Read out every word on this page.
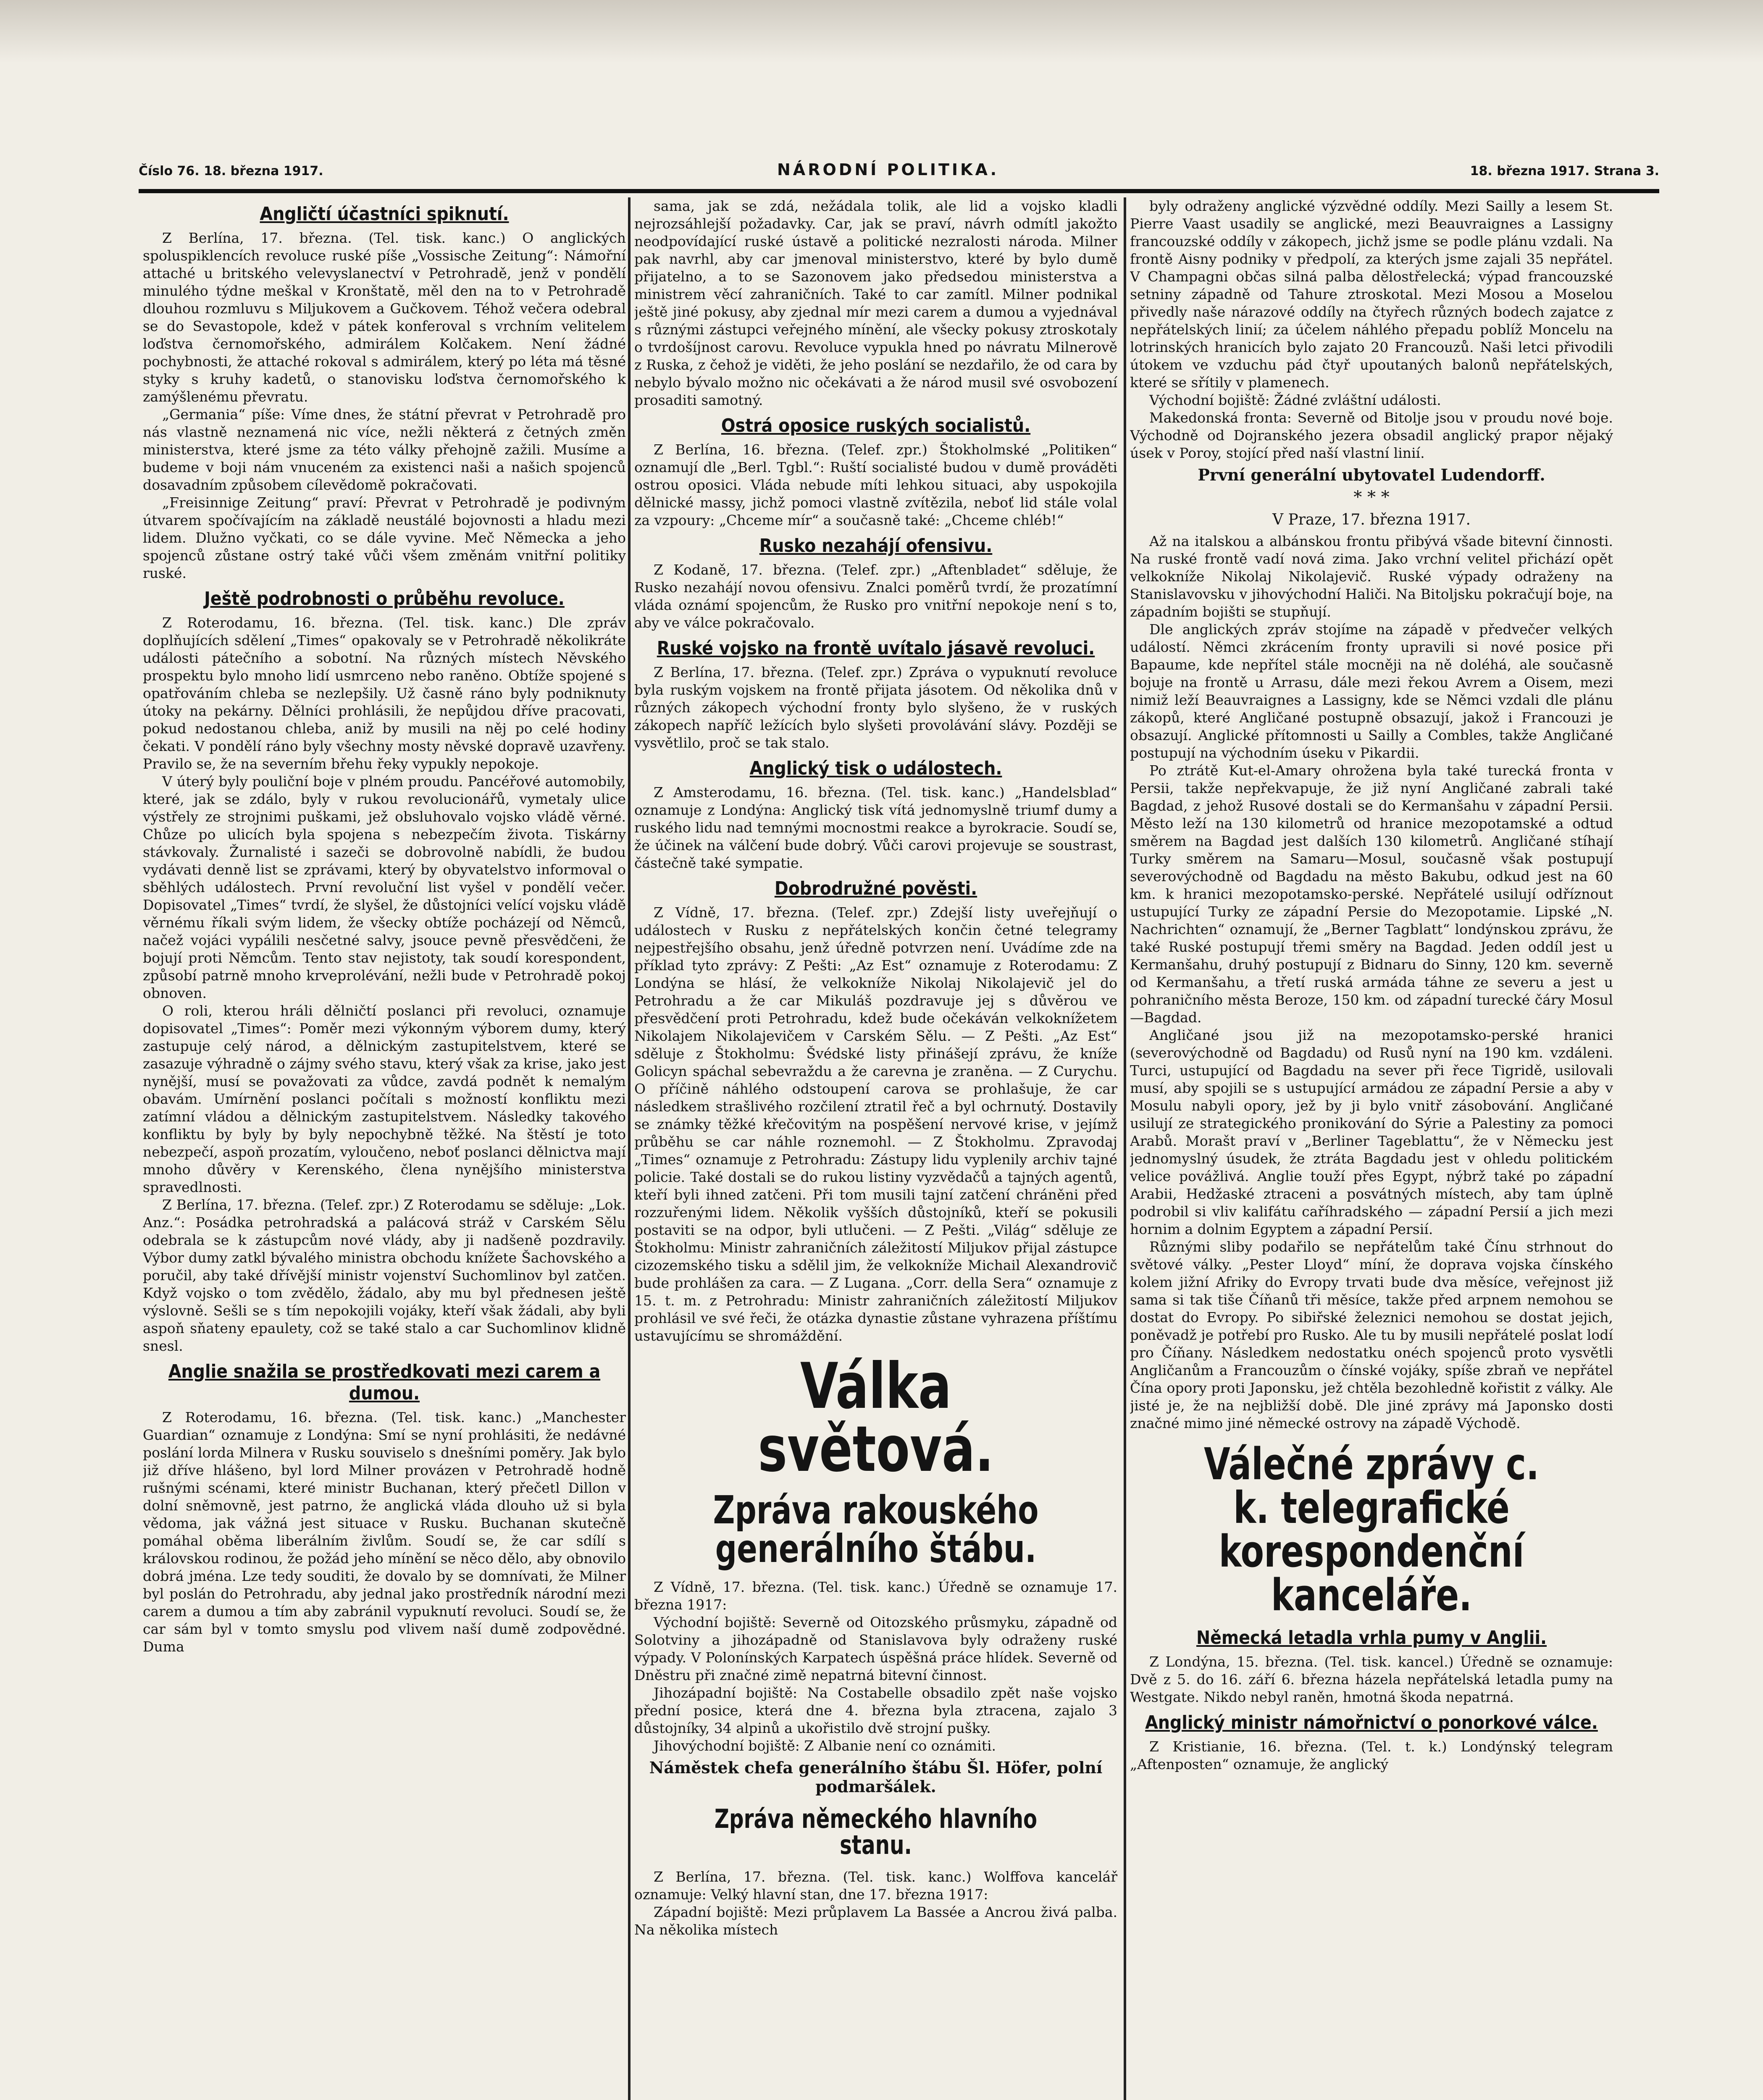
Číslo 76. 18. března 1917.	NÁRODNÍ POLITIKA.	18. března 1917. Strana 3.
Angličtí účastníci spiknutí.

Z Berlína, 17. března. (Tel. tisk. kanc.) O anglických spoluspiklencích revoluce ruské píše „Vossische Zeitung“: Námořní attaché u britského velevyslanectví v Petrohradě, jenž v pondělí minulého týdne meškal v Kronštatě, měl den na to v Petrohradě dlouhou rozmluvu s Miljukovem a Gučkovem. Téhož večera odebral se do Sevastopole, kdež v pátek konferoval s vrchním velitelem loďstva černomořského, admirálem Kolčakem. Není žádné pochybnosti, že attaché rokoval s admirálem, který po léta má těsné styky s kruhy kadetů, o stanovisku loďstva černomořského k zamýšlenému převratu.

„Germania“ píše: Víme dnes, že státní převrat v Petrohradě pro nás vlastně neznamená nic více, nežli některá z četných změn ministerstva, které jsme za této války přehojně zažili. Musíme a budeme v boji nám vnuceném za existenci naši a našich spojenců dosavadním způsobem cílevědomě pokračovati.

„Freisinnige Zeitung“ praví: Převrat v Petrohradě je podivným útvarem spočívajícím na základě neustálé bojovnosti a hladu mezi lidem. Dlužno vyčkati, co se dále vyvine. Meč Německa a jeho spojenců zůstane ostrý také vůči všem změnám vnitřní politiky ruské.

Ještě podrobnosti o průběhu revoluce.

Z Roterodamu, 16. března. (Tel. tisk. kanc.) Dle zpráv doplňujících sdělení „Times“ opakovaly se v Petrohradě několikráte události pátečního a sobotní. Na různých místech Něvského prospektu bylo mnoho lidí usmrceno nebo raněno. Obtíže spojené s opatřováním chleba se nezlepšily. Už časně ráno byly podniknuty útoky na pekárny. Dělníci prohlásili, že nepůjdou dříve pracovati, pokud nedostanou chleba, aniž by musili na něj po celé hodiny čekati. V pondělí ráno byly všechny mosty něvské dopravě uzavřeny. Pravilo se, že na severním břehu řeky vypukly nepokoje.

V úterý byly pouliční boje v plném proudu. Pancéřové automobily, které, jak se zdálo, byly v rukou revolucionářů, vymetaly ulice výstřely ze strojnimi puškami, jež obsluhovalo vojsko vládě věrné. Chůze po ulicích byla spojena s nebezpečím života. Tiskárny stávkovaly. Žurnalisté i sazeči se dobrovolně nabídli, že budou vydávati denně list se zprávami, který by obyvatelstvo informoval o sběhlých událostech. První revoluční list vyšel v pondělí večer. Dopisovatel „Times“ tvrdí, že slyšel, že důstojníci velící vojsku vládě věrnému říkali svým lidem, že všecky obtíže pocházejí od Němců, načež vojáci vypálili nesčetné salvy, jsouce pevně přesvědčeni, že bojují proti Němcům. Tento stav nejistoty, tak soudí korespondent, způsobí patrně mnoho krveprolévání, nežli bude v Petrohradě pokoj obnoven.

O roli, kterou hráli dělničtí poslanci při revoluci, oznamuje dopisovatel „Times“: Poměr mezi výkonným výborem dumy, který zastupuje celý národ, a dělnickým zastupitelstvem, které se zasazuje výhradně o zájmy svého stavu, který však za krise, jako jest nynější, musí se považovati za vůdce, zavdá podnět k nemalým obavám. Umírnění poslanci počítali s možností konfliktu mezi zatímní vládou a dělnickým zastupitelstvem. Následky takového konfliktu by byly by byly nepochybně těžké. Na štěstí je toto nebezpečí, aspoň prozatím, vyloučeno, neboť poslanci dělnictva mají mnoho důvěry v Kerenského, člena nynějšího ministerstva spravedlnosti.

Z Berlína, 17. března. (Telef. zpr.) Z Roterodamu se sděluje: „Lok. Anz.“: Posádka petrohradská a palácová stráž v Carském Sělu odebrala se k zástupcům nové vlády, aby ji nadšeně pozdravily. Výbor dumy zatkl bývalého ministra obchodu knížete Šachovského a poručil, aby také dřívější ministr vojenství Suchomlinov byl zatčen. Když vojsko o tom zvědělo, žádalo, aby mu byl přednesen ještě výslovně. Sešli se s tím nepokojili vojáky, kteří však žádali, aby byli aspoň sňateny epaulety, což se také stalo a car Suchomlinov klidně snesl.

Anglie snažila se prostředkovati mezi carem a dumou.

Z Roterodamu, 16. března. (Tel. tisk. kanc.) „Manchester Guardian“ oznamuje z Londýna: Smí se nyní prohlásiti, že nedávné poslání lorda Milnera v Rusku souviselo s dnešními poměry. Jak bylo již dříve hlášeno, byl lord Milner provázen v Petrohradě hodně rušnými scénami, které ministr Buchanan, který přečetl Dillon v dolní sněmovně, jest patrno, že anglická vláda dlouho už si byla vědoma, jak vážná jest situace v Rusku. Buchanan skutečně pomáhal oběma liberálním živlům. Soudí se, že car sdílí s královskou rodinou, že požád jeho mínění se něco dělo, aby obnovilo dobrá jména. Lze tedy souditi, že dovalo by se domnívati, že Milner byl poslán do Petrohradu, aby jednal jako prostředník národní mezi carem a dumou a tím aby zabránil vypuknutí revoluci. Soudí se, že car sám byl v tomto smyslu pod vlivem naší dumě zodpovědné. Duma

sama, jak se zdá, nežádala tolik, ale lid a vojsko kladli nejrozsáhlejší požadavky. Car, jak se praví, návrh odmítl jakožto neodpovídající ruské ústavě a politické nezralosti národa. Milner pak navrhl, aby car jmenoval ministerstvo, které by bylo dumě přijatelno, a to se Sazonovem jako předsedou ministerstva a ministrem věcí zahraničních. Také to car zamítl. Milner podnikal ještě jiné pokusy, aby zjednal mír mezi carem a dumou a vyjednával s různými zástupci veřejného mínění, ale všecky pokusy ztroskotaly o tvrdošíjnost carovu. Revoluce vypukla hned po návratu Milnerově z Ruska, z čehož je viděti, že jeho poslání se nezdařilo, že od cara by nebylo bývalo možno nic očekávati a že národ musil své osvobození prosaditi samotný.

Ostrá oposice ruských socialistů.

Z Berlína, 16. března. (Telef. zpr.) Štokholmské „Politiken“ oznamují dle „Berl. Tgbl.“: Ruští socialisté budou v dumě prováděti ostrou oposici. Vláda nebude míti lehkou situaci, aby uspokojila dělnické massy, jichž pomoci vlastně zvítězila, neboť lid stále volal za vzpoury: „Chceme mír“ a současně také: „Chceme chléb!“

Rusko nezahájí ofensivu.

Z Kodaně, 17. března. (Telef. zpr.) „Aftenbladet“ sděluje, že Rusko nezahájí novou ofensivu. Znalci poměrů tvrdí, že prozatímní vláda oznámí spojencům, že Rusko pro vnitřní nepokoje není s to, aby ve válce pokračovalo.

Ruské vojsko na frontě uvítalo jásavě revoluci.

Z Berlína, 17. března. (Telef. zpr.) Zpráva o vypuknutí revoluce byla ruským vojskem na frontě přijata jásotem. Od několika dnů v různých zákopech východní fronty bylo slyšeno, že v ruských zákopech napříč ležících bylo slyšeti provolávání slávy. Později se vysvětlilo, proč se tak stalo.

Anglický tisk o událostech.

Z Amsterodamu, 16. března. (Tel. tisk. kanc.) „Handelsblad“ oznamuje z Londýna: Anglický tisk vítá jednomyslně triumf dumy a ruského lidu nad temnými mocnostmi reakce a byrokracie. Soudí se, že účinek na válčení bude dobrý. Vůči carovi projevuje se soustrast, částečně také sympatie.

Dobrodružné pověsti.

Z Vídně, 17. března. (Telef. zpr.) Zdejší listy uveřejňují o událostech v Rusku z nepřátelských končin četné telegramy nejpestřejšího obsahu, jenž úředně potvrzen není. Uvádíme zde na příklad tyto zprávy: Z Pešti: „Az Est“ oznamuje z Roterodamu: Z Londýna se hlásí, že velkokníže Nikolaj Nikolajevič jel do Petrohradu a že car Mikuláš pozdravuje jej s důvěrou ve přesvědčení proti Petrohradu, kdež bude očekáván velkoknížetem Nikolajem Nikolajevičem v Carském Sělu. — Z Pešti. „Az Est“ sděluje z Štokholmu: Švédské listy přinášejí zprávu, že kníže Golicyn spáchal sebevraždu a že carevna je zraněna. — Z Curychu. O příčině náhlého odstoupení carova se prohlašuje, že car následkem strašlivého rozčilení ztratil řeč a byl ochrnutý. Dostavily se známky těžké křečovitým na pospěšení nervové krise, v jejímž průběhu se car náhle roznemohl. — Z Štokholmu. Zpravodaj „Times“ oznamuje z Petrohradu: Zástupy lidu vyplenily archiv tajné policie. Také dostali se do rukou listiny vyzvědačů a tajných agentů, kteří byli ihned zatčeni. Při tom musili tajní zatčení chráněni před rozzuřenými lidem. Několik vyšších důstojníků, kteří se pokusili postaviti se na odpor, byli utlučeni. — Z Pešti. „Világ“ sděluje ze Štokholmu: Ministr zahraničních záležitostí Miljukov přijal zástupce cizozemského tisku a sdělil jim, že velkokníže Michail Alexandrovič bude prohlášen za cara. — Z Lugana. „Corr. della Sera“ oznamuje z 15. t. m. z Petrohradu: Ministr zahraničních záležitostí Miljukov prohlásil ve své řeči, že otázka dynastie zůstane vyhrazena příštímu ustavujícímu se shromáždění.

Válka světová.
Zpráva rakouského generálního štábu.

Z Vídně, 17. března. (Tel. tisk. kanc.) Úředně se oznamuje 17. března 1917:

Východní bojiště: Severně od Oitozského průsmyku, západně od Solotviny a jihozápadně od Stanislavova byly odraženy ruské výpady. V Polonínských Karpatech úspěšná práce hlídek. Severně od Dněstru při značné zimě nepatrná bitevní činnost.

Jihozápadní bojiště: Na Costabelle obsadilo zpět naše vojsko přední posice, která dne 4. března byla ztracena, zajalo 3 důstojníky, 34 alpinů a ukořistilo dvě strojní pušky.

Jihovýchodní bojiště: Z Albanie není co oznámiti.

Náměstek chefa generálního štábu Šl. Höfer, polní podmaršálek.
Zpráva německého hlavního stanu.

Z Berlína, 17. března. (Tel. tisk. kanc.) Wolffova kancelář oznamuje: Velký hlavní stan, dne 17. března 1917:

Západní bojiště: Mezi průplavem La Bassée a Ancrou živá palba. Na několika místech

byly odraženy anglické výzvědné oddíly. Mezi Sailly a lesem St. Pierre Vaast usadily se anglické, mezi Beauvraignes a Lassigny francouzské oddíly v zákopech, jichž jsme se podle plánu vzdali. Na frontě Aisny podniky v předpolí, za kterých jsme zajali 35 nepřátel. V Champagni občas silná palba dělostřelecká; výpad francouzské setniny západně od Tahure ztroskotal. Mezi Mosou a Moselou přivedly naše nárazové oddíly na čtyřech různých bodech zajatce z nepřátelských linií; za účelem náhlého přepadu poblíž Moncelu na lotrinských hranicích bylo zajato 20 Francouzů. Naši letci přivodili útokem ve vzduchu pád čtyř upoutaných balonů nepřátelských, které se sřítily v plamenech.

Východní bojiště: Žádné zvláštní události.

Makedonská fronta: Severně od Bitolje jsou v proudu nové boje. Východně od Dojranského jezera obsadil anglický prapor nějaký úsek v Poroy, stojící před naší vlastní linií.

První generální ubytovatel Ludendorff.
* * *
V Praze, 17. března 1917.

Až na italskou a albánskou frontu přibývá všade bitevní činnosti. Na ruské frontě vadí nová zima. Jako vrchní velitel přichází opět velkokníže Nikolaj Nikolajevič. Ruské výpady odraženy na Stanislavovsku v jihovýchodní Haliči. Na Bitoljsku pokračují boje, na západním bojišti se stupňují.

Dle anglických zpráv stojíme na západě v předvečer velkých událostí. Němci zkrácením fronty upravili si nové posice při Bapaume, kde nepřítel stále mocněji na ně doléhá, ale současně bojuje na frontě u Arrasu, dále mezi řekou Avrem a Oisem, mezi nimiž leží Beauvraignes a Lassigny, kde se Němci vzdali dle plánu zákopů, které Angličané postupně obsazují, jakož i Francouzi je obsazují. Anglické přítomnosti u Sailly a Combles, takže Angličané postupují na východním úseku v Pikardii.

Po ztrátě Kut-el-Amary ohrožena byla také turecká fronta v Persii, takže nepřekvapuje, že již nyní Angličané zabrali také Bagdad, z jehož Rusové dostali se do Kermanšahu v západní Persii. Město leží na 130 kilometrů od hranice mezopotamské a odtud směrem na Bagdad jest dalších 130 kilometrů. Angličané stíhají Turky směrem na Samaru—Mosul, současně však postupují severovýchodně od Bagdadu na město Bakubu, odkud jest na 60 km. k hranici mezopotamsko-perské. Nepřátelé usilují odříznout ustupující Turky ze západní Persie do Mezopotamie. Lipské „N. Nachrichten“ oznamují, že „Berner Tagblatt“ londýnskou zprávu, že také Ruské postupují třemi směry na Bagdad. Jeden oddíl jest u Kermanšahu, druhý postupují z Bidnaru do Sinny, 120 km. severně od Kermanšahu, a třetí ruská armáda táhne ze severu a jest u pohraničního města Beroze, 150 km. od západní turecké čáry Mosul—Bagdad.

Angličané jsou již na mezopotamsko-perské hranici (severovýchodně od Bagdadu) od Rusů nyní na 190 km. vzdáleni. Turci, ustupující od Bagdadu na sever při řece Tigridě, usilovali musí, aby spojili se s ustupující armádou ze západní Persie a aby v Mosulu nabyli opory, jež by ji bylo vnitř zásobování. Angličané usilují ze strategického pronikování do Sýrie a Palestiny za pomoci Arabů. Morašt praví v „Berliner Tageblattu“, že v Německu jest jednomyslný úsudek, že ztráta Bagdadu jest v ohledu politickém velice povážlivá. Anglie touží přes Egypt, nýbrž také po západní Arabii, Hedžaské ztraceni a posvátných místech, aby tam úplně podrobil si vliv kalifátu caříhradského — západní Persií a jich mezi hornim a dolnim Egyptem a západní Persií.

Různými sliby podařilo se nepřátelům také Čínu strhnout do světové války. „Pester Lloyd“ míní, že doprava vojska čínského kolem jižní Afriky do Evropy trvati bude dva měsíce, veřejnost již sama si tak tiše Číňanů tři měsíce, takže před arpnem nemohou se dostat do Evropy. Po sibiřské železnici nemohou se dostat jejich, poněvadž je potřebí pro Rusko. Ale tu by musili nepřátelé poslat lodí pro Číňany. Následkem nedostatku onéch spojenců proto vysvětli Angličanům a Francouzům o čínské vojáky, spíše zbraň ve nepřátel Čína opory proti Japonsku, jež chtěla bezohledně kořistit z války. Ale jisté je, že na nejbližší době. Dle jiné zprávy má Japonsko dosti značné mimo jiné německé ostrovy na západě Východě.

Válečné zprávy c. k. telegrafické korespondenční kanceláře.
Německá letadla vrhla pumy v Anglii.

Z Londýna, 15. března. (Tel. tisk. kancel.) Úředně se oznamuje: Dvě z 5. do 16. září 6. března házela nepřátelská letadla pumy na Westgate. Nikdo nebyl raněn, hmotná škoda nepatrná.

Anglický ministr námořnictví o ponorkové válce.

Z Kristianie, 16. března. (Tel. t. k.) Londýnský telegram „Aftenposten“ oznamuje, že anglický
